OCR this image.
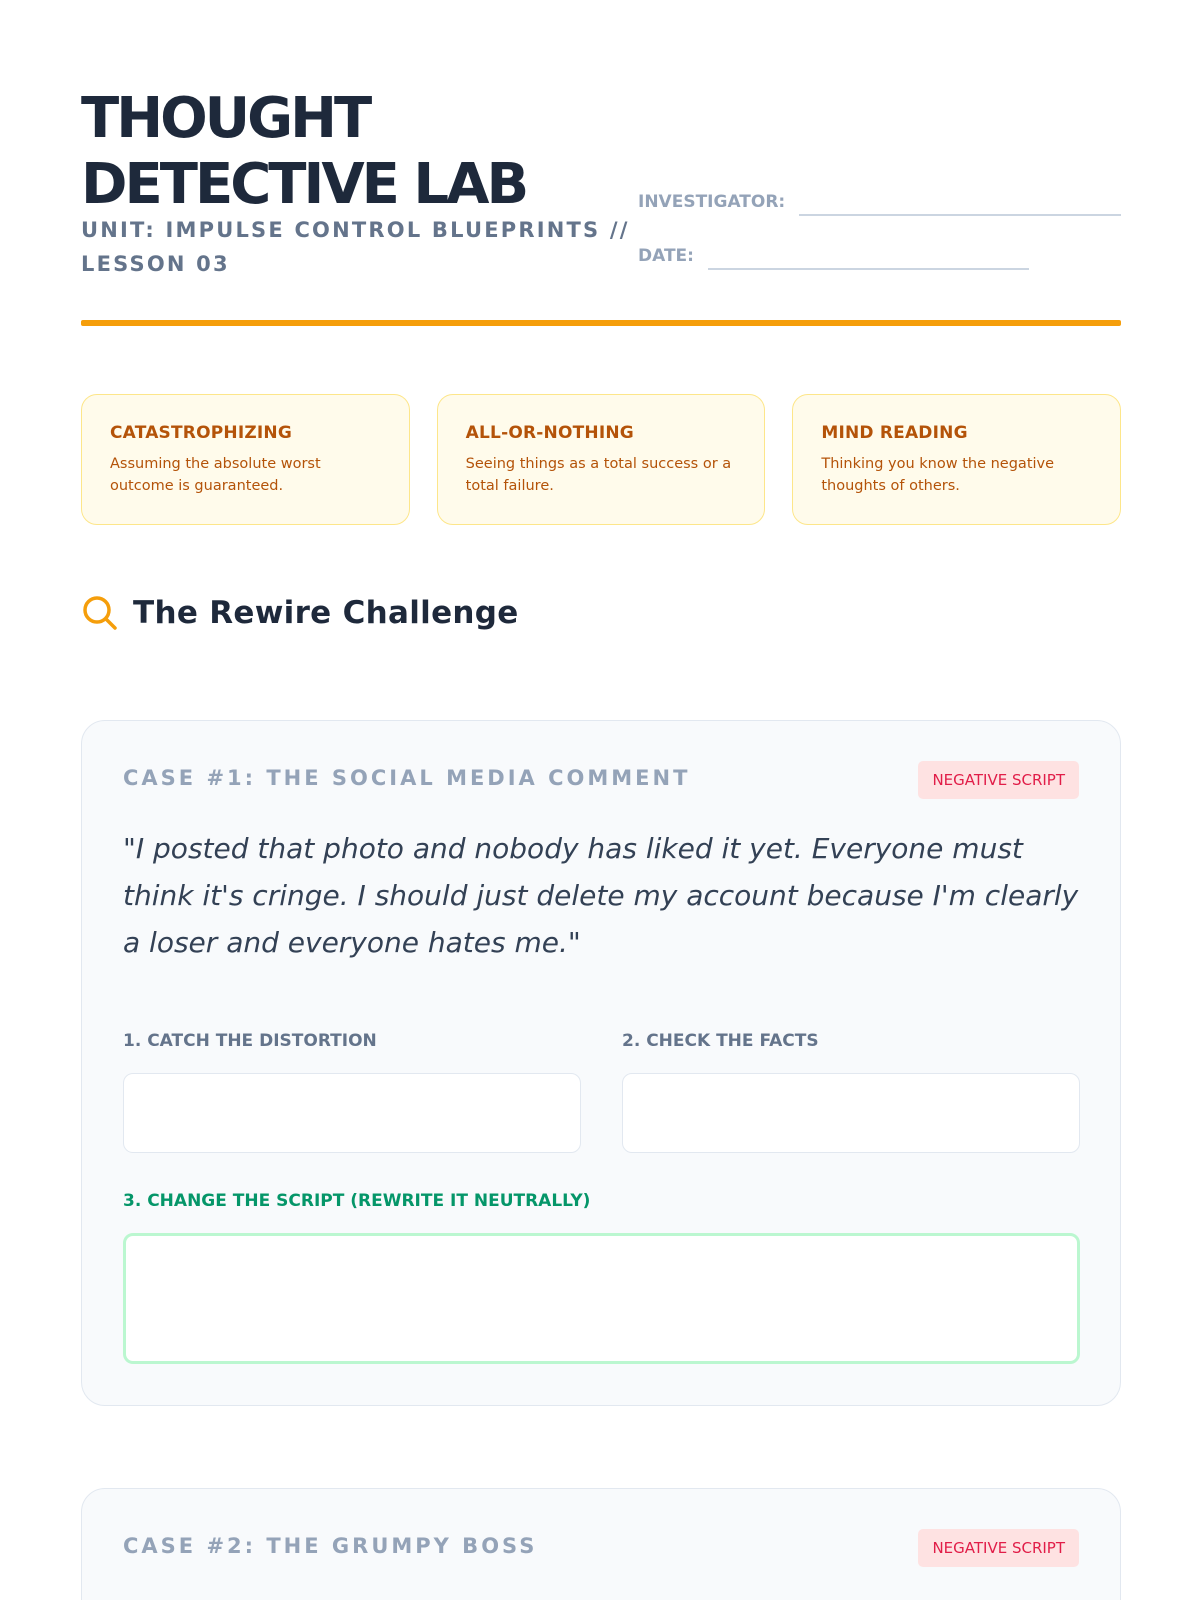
THOUGHT
DETECTIVE LAB
UNIT: IMPULSE CONTROL BLUEPRINTS // LESSON 03
INVESTIGATOR:
DATE:
CATASTROPHIZING
Assuming the absolute worst outcome is guaranteed.
ALL-OR-NOTHING
Seeing things as a total success or a total failure.
MIND READING
Thinking you know the negative thoughts of others.
The Rewire Challenge
CASE #1: THE SOCIAL MEDIA COMMENT	NEGATIVE SCRIPT
"I posted that photo and nobody has liked it yet. Everyone must think it's cringe. I should just delete my account because I'm clearly a loser and everyone hates me."
1. CATCH THE DISTORTION	2. CHECK THE FACTS
3. CHANGE THE SCRIPT (REWRITE IT NEUTRALLY)
CASE #2: THE GRUMPY BOSS	NEGATIVE SCRIPT
